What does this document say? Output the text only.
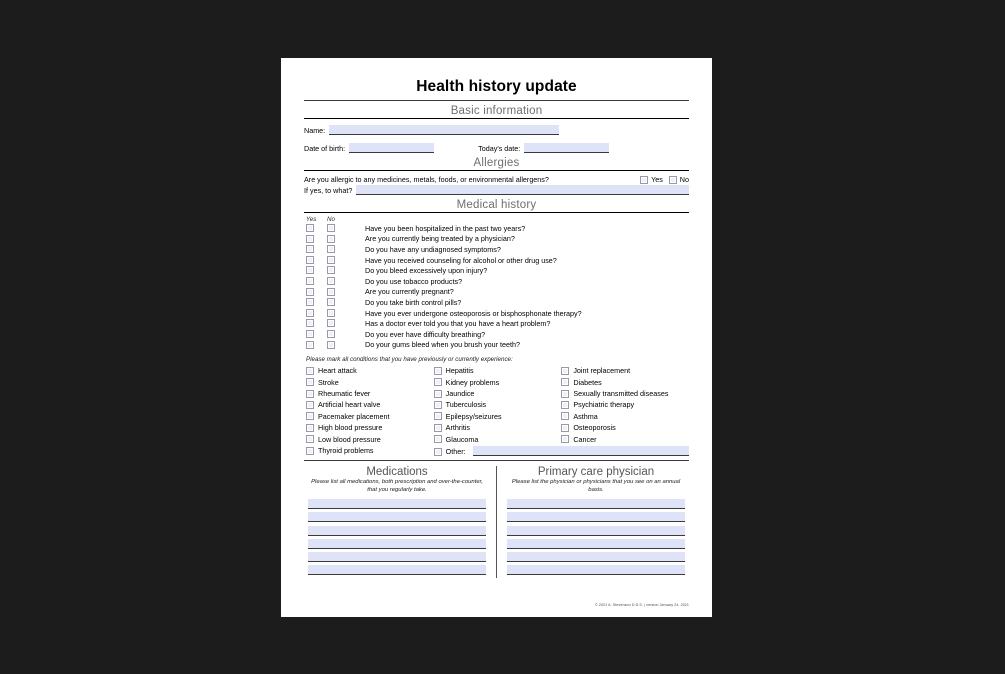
Health history update
Basic information
Name:
Date of birth:	Today's date:
Allergies
Are you allergic to any medicines, metals, foods, or environmental allergens?	Yes No
If yes, to what?
Medical history
Yes	No
Have you been hospitalized in the past two years?
Are you currently being treated by a physician?
Do you have any undiagnosed symptoms?
Have you received counseling for alcohol or other drug use?
Do you bleed excessively upon injury?
Do you use tobacco products?
Are you currently pregnant?
Do you take birth control pills?
Have you ever undergone osteoporosis or bisphosphonate therapy?
Has a doctor ever told you that you have a heart problem?
Do you ever have difficulty breathing?
Do your gums bleed when you brush your teeth?
Please mark all conditions that you have previously or currently experience:
Heart attack	Hepatitis	Joint replacement
Stroke	Kidney problems	Diabetes
Rheumatic fever	Jaundice	Sexually transmitted diseases
Artificial heart valve	Tuberculosis	Psychiatric therapy
Pacemaker placement	Epilepsy/seizures	Asthma
High blood pressure	Arthritis	Osteoporosis
Low blood pressure	Glaucoma	Cancer
Thyroid problems	Other:
Medications
Please list all medications, both prescription and over-the-counter, that you regularly take.
Primary care physician
Please list the physician or physicians that you see on an annual basis.
© 2021 A. Stevenson D.D.S. | version January 24, 2021
